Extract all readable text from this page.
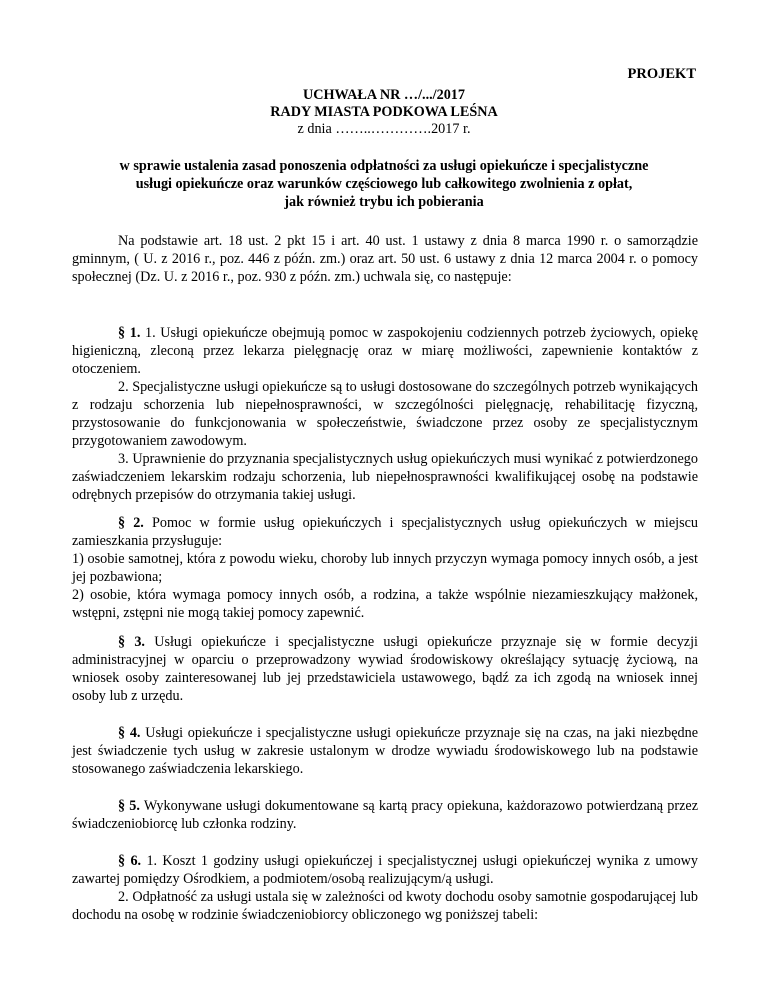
PROJEKT
UCHWAŁA NR …/.../2017
RADY MIASTA PODKOWA LEŚNA
z dnia ……..………….2017 r.
w sprawie ustalenia zasad ponoszenia odpłatności za usługi opiekuńcze i specjalistyczne
usługi opiekuńcze oraz warunków częściowego lub całkowitego zwolnienia z opłat,
jak również trybu ich pobierania

Na podstawie art. 18 ust. 2 pkt 15 i art. 40 ust. 1 ustawy z dnia 8 marca 1990 r. o samorządzie gminnym, ( U. z 2016 r., poz. 446 z późn. zm.) oraz art. 50 ust. 6 ustawy z dnia 12 marca 2004 r. o pomocy społecznej (Dz. U. z 2016 r., poz. 930 z późn. zm.) uchwala się, co następuje:

§ 1. 1. Usługi opiekuńcze obejmują pomoc w zaspokojeniu codziennych potrzeb życiowych, opiekę higieniczną, zleconą przez lekarza pielęgnację oraz w miarę możliwości, zapewnienie kontaktów z otoczeniem.

2. Specjalistyczne usługi opiekuńcze są to usługi dostosowane do szczególnych potrzeb wynikających z rodzaju schorzenia lub niepełnosprawności, w szczególności pielęgnację, rehabilitację fizyczną, przystosowanie do funkcjonowania w społeczeństwie, świadczone przez osoby ze specjalistycznym przygotowaniem zawodowym.

3. Uprawnienie do przyznania specjalistycznych usług opiekuńczych musi wynikać z potwierdzonego zaświadczeniem lekarskim rodzaju schorzenia, lub niepełnosprawności kwalifikującej osobę na podstawie odrębnych przepisów do otrzymania takiej usługi.

§ 2. Pomoc w formie usług opiekuńczych i specjalistycznych usług opiekuńczych w miejscu zamieszkania przysługuje:

1) osobie samotnej, która z powodu wieku, choroby lub innych przyczyn wymaga pomocy innych osób, a jest jej pozbawiona;

2) osobie, która wymaga pomocy innych osób, a rodzina, a także wspólnie niezamieszkujący małżonek, wstępni, zstępni nie mogą takiej pomocy zapewnić.

§ 3. Usługi opiekuńcze i specjalistyczne usługi opiekuńcze przyznaje się w formie decyzji administracyjnej w oparciu o przeprowadzony wywiad środowiskowy określający sytuację życiową, na wniosek osoby zainteresowanej lub jej przedstawiciela ustawowego, bądź za ich zgodą na wniosek innej osoby lub z urzędu.

§ 4. Usługi opiekuńcze i specjalistyczne usługi opiekuńcze przyznaje się na czas, na jaki niezbędne jest świadczenie tych usług w zakresie ustalonym w drodze wywiadu środowiskowego lub na podstawie stosowanego zaświadczenia lekarskiego.

§ 5. Wykonywane usługi dokumentowane są kartą pracy opiekuna, każdorazowo potwierdzaną przez świadczeniobiorcę lub członka rodziny.

§ 6. 1. Koszt 1 godziny usługi opiekuńczej i specjalistycznej usługi opiekuńczej wynika z umowy zawartej pomiędzy Ośrodkiem, a podmiotem/osobą realizującym/ą usługi.

2. Odpłatność za usługi ustala się w zależności od kwoty dochodu osoby samotnie gospodarującej lub dochodu na osobę w rodzinie świadczeniobiorcy obliczonego wg poniższej tabeli:
